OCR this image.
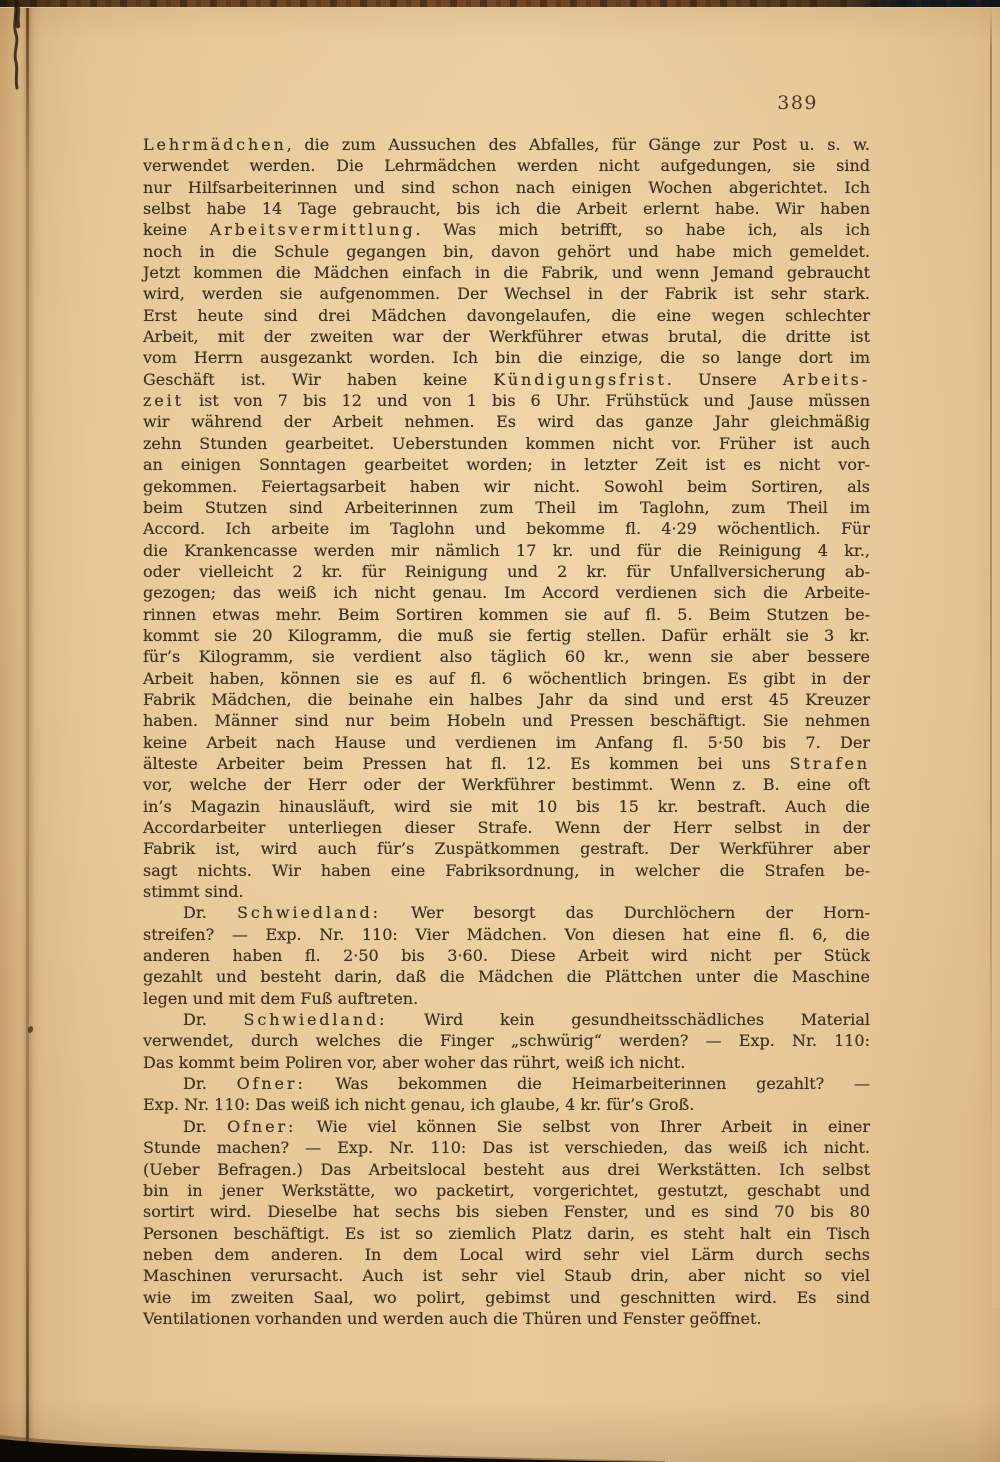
389
Lehrmädchen, die zum Aussuchen des Abfalles, für Gänge zur Post u. s. w.
verwendet werden. Die Lehrmädchen werden nicht aufgedungen, sie sind
nur Hilfsarbeiterinnen und sind schon nach einigen Wochen abgerichtet. Ich
selbst habe 14 Tage gebraucht, bis ich die Arbeit erlernt habe. Wir haben
keine Arbeitsvermittlung. Was mich betrifft, so habe ich, als ich
noch in die Schule gegangen bin, davon gehört und habe mich gemeldet.
Jetzt kommen die Mädchen einfach in die Fabrik, und wenn Jemand gebraucht
wird, werden sie aufgenommen. Der Wechsel in der Fabrik ist sehr stark.
Erst heute sind drei Mädchen davongelaufen, die eine wegen schlechter
Arbeit, mit der zweiten war der Werkführer etwas brutal, die dritte ist
vom Herrn ausgezankt worden. Ich bin die einzige, die so lange dort im
Geschäft ist. Wir haben keine Kündigungsfrist. Unsere Arbeits-
zeit ist von 7 bis 12 und von 1 bis 6 Uhr. Frühstück und Jause müssen
wir während der Arbeit nehmen. Es wird das ganze Jahr gleichmäßig
zehn Stunden gearbeitet. Ueberstunden kommen nicht vor. Früher ist auch
an einigen Sonntagen gearbeitet worden; in letzter Zeit ist es nicht vor-
gekommen. Feiertagsarbeit haben wir nicht. Sowohl beim Sortiren, als
beim Stutzen sind Arbeiterinnen zum Theil im Taglohn, zum Theil im
Accord. Ich arbeite im Taglohn und bekomme fl. 4·29 wöchentlich. Für
die Krankencasse werden mir nämlich 17 kr. und für die Reinigung 4 kr.,
oder vielleicht 2 kr. für Reinigung und 2 kr. für Unfallversicherung ab-
gezogen; das weiß ich nicht genau. Im Accord verdienen sich die Arbeite-
rinnen etwas mehr. Beim Sortiren kommen sie auf fl. 5. Beim Stutzen be-
kommt sie 20 Kilogramm, die muß sie fertig stellen. Dafür erhält sie 3 kr.
für’s Kilogramm, sie verdient also täglich 60 kr., wenn sie aber bessere
Arbeit haben, können sie es auf fl. 6 wöchentlich bringen. Es gibt in der
Fabrik Mädchen, die beinahe ein halbes Jahr da sind und erst 45 Kreuzer
haben. Männer sind nur beim Hobeln und Pressen beschäftigt. Sie nehmen
keine Arbeit nach Hause und verdienen im Anfang fl. 5·50 bis 7. Der
älteste Arbeiter beim Pressen hat fl. 12. Es kommen bei uns Strafen
vor, welche der Herr oder der Werkführer bestimmt. Wenn z. B. eine oft
in’s Magazin hinausläuft, wird sie mit 10 bis 15 kr. bestraft. Auch die
Accordarbeiter unterliegen dieser Strafe. Wenn der Herr selbst in der
Fabrik ist, wird auch für’s Zuspätkommen gestraft. Der Werkführer aber
sagt nichts. Wir haben eine Fabriksordnung, in welcher die Strafen be-
stimmt sind.
Dr. Schwiedland: Wer besorgt das Durchlöchern der Horn-
streifen? — Exp. Nr. 110: Vier Mädchen. Von diesen hat eine fl. 6, die
anderen haben fl. 2·50 bis 3·60. Diese Arbeit wird nicht per Stück
gezahlt und besteht darin, daß die Mädchen die Plättchen unter die Maschine
legen und mit dem Fuß auftreten.
Dr. Schwiedland: Wird kein gesundheitsschädliches Material
verwendet, durch welches die Finger „schwürig“ werden? — Exp. Nr. 110:
Das kommt beim Poliren vor, aber woher das rührt, weiß ich nicht.
Dr. Ofner: Was bekommen die Heimarbeiterinnen gezahlt? —
Exp. Nr. 110: Das weiß ich nicht genau, ich glaube, 4 kr. für’s Groß.
Dr. Ofner: Wie viel können Sie selbst von Ihrer Arbeit in einer
Stunde machen? — Exp. Nr. 110: Das ist verschieden, das weiß ich nicht.
(Ueber Befragen.) Das Arbeitslocal besteht aus drei Werkstätten. Ich selbst
bin in jener Werkstätte, wo packetirt, vorgerichtet, gestutzt, geschabt und
sortirt wird. Dieselbe hat sechs bis sieben Fenster, und es sind 70 bis 80
Personen beschäftigt. Es ist so ziemlich Platz darin, es steht halt ein Tisch
neben dem anderen. In dem Local wird sehr viel Lärm durch sechs
Maschinen verursacht. Auch ist sehr viel Staub drin, aber nicht so viel
wie im zweiten Saal, wo polirt, gebimst und geschnitten wird. Es sind
Ventilationen vorhanden und werden auch die Thüren und Fenster geöffnet.
